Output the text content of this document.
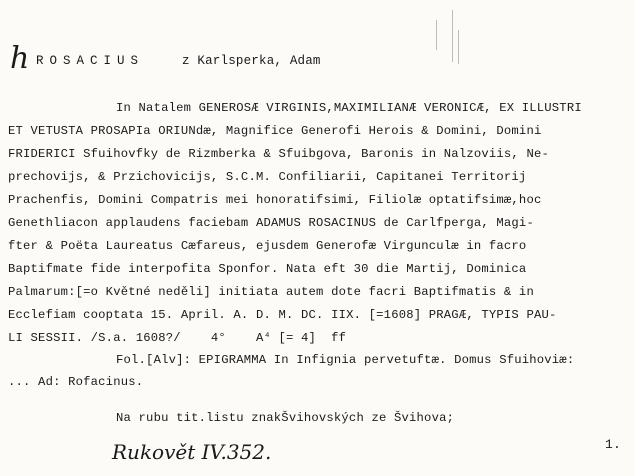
h ROSACIUS	z Karlsperka, Adam
In Natalem GENEROSÆ VIRGINIS,MAXIMILIANÆ VERONICÆ, EX ILLUSTRI
ET VETUSTA PROSAPIa ORIUNdæ, Magnifice Generofi Herois & Domini, Domini
FRIDERICI Sfuihovfky de Rizmberka & Sfuibgova, Baronis in Nalzoviis, Ne-
prechovijs, & Przichovicijs, S.C.M. Confiliarii, Capitanei Territorij
Prachenfis, Domini Compatris mei honoratifsimi, Filiolæ optatifsimæ,hoc
Genethliacon applaudens faciebam ADAMUS ROSACINUS de Carlfperga, Magi-
fter & Poëta Laureatus Cæfareus, ejusdem Generofæ Virgunculæ in facro
Baptifmate fide interpofita Sponfor. Nata eft 30 die Martij, Dominica
Palmarum:[=o Květné neděli] initiata autem dote facri Baptifmatis & in
Ecclefiam cooptata 15. April. A. D. M. DC. IIX. [=1608] PRAGÆ, TYPIS PAU-
LI SESSII. /S.a. 1608?/    4°    A⁴ [= 4]  ff
Fol.[Alv]: EPIGRAMMA In Infignia pervetuftæ. Domus Sfuihoviæ:
... Ad: Rofacinus.
Na rubu tit.listu znakŠvihovských ze Švihova;
Rukovět IV.352.	1.
